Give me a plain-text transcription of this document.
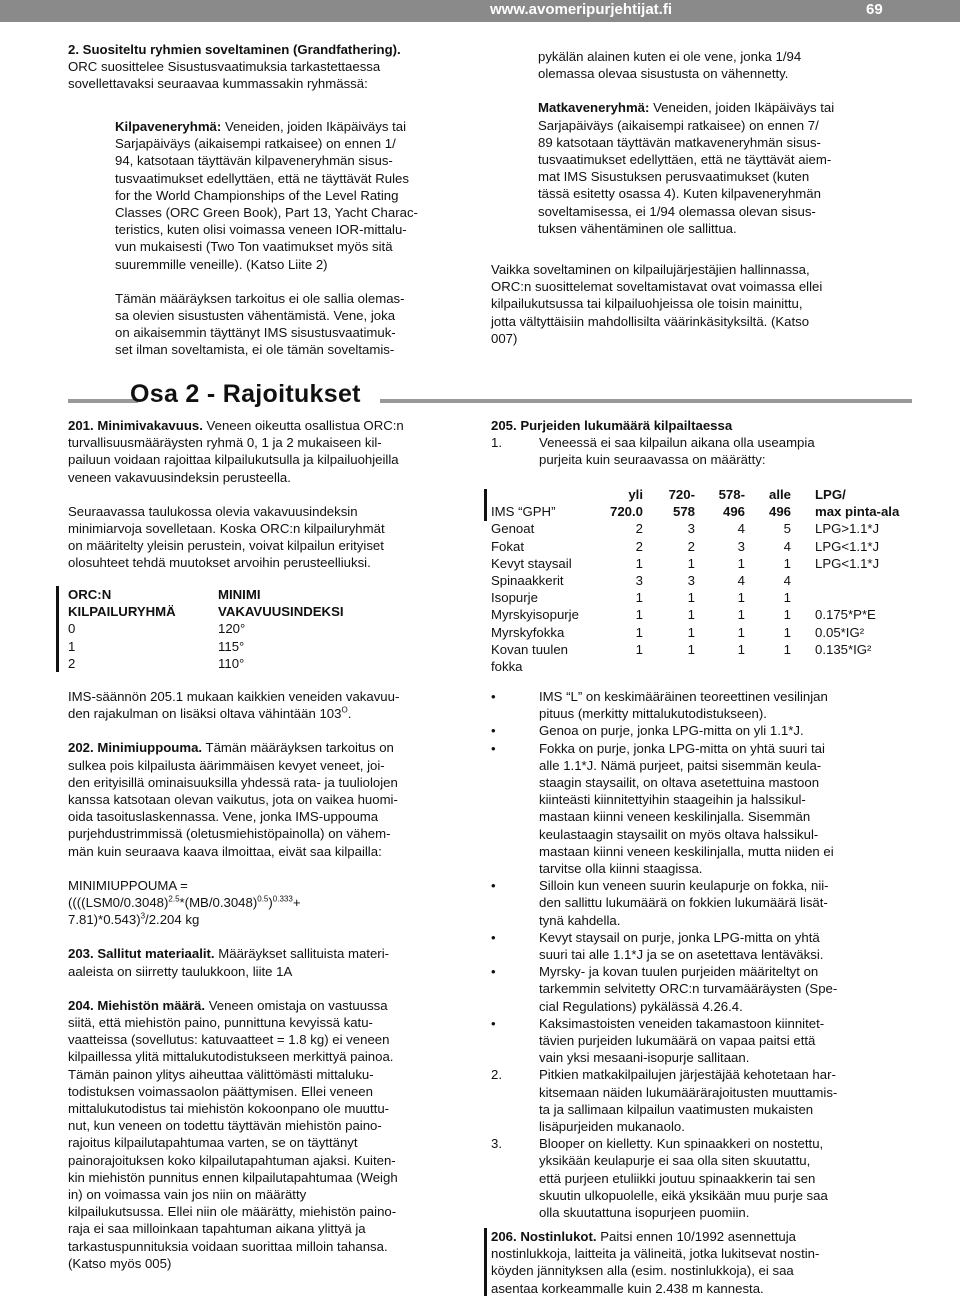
www.avomeripurjehtijat.fi	69

2. Suositeltu ryhmien soveltaminen (Grandfathering).

ORC suosittelee Sisustusvaatimuksia tarkastettaessa

sovellettavaksi seuraavaa kummassakin ryhmässä:

Kilpaveneryhmä: Veneiden, joiden Ikäpäiväys tai

Sarjapäiväys (aikaisempi ratkaisee) on ennen 1/

94, katsotaan täyttävän kilpaveneryhmän sisus-

tusvaatimukset edellyttäen, että ne täyttävät Rules

for the World Championships of the Level Rating

Classes (ORC Green Book), Part 13, Yacht Charac-

teristics, kuten olisi voimassa veneen IOR-mittalu-

vun mukaisesti (Two Ton vaatimukset myös sitä

suuremmille veneille). (Katso Liite 2)

Tämän määräyksen tarkoitus ei ole sallia olemas-

sa olevien sisustusten vähentämistä. Vene, joka

on aikaisemmin täyttänyt IMS sisustusvaatimuk-

set ilman soveltamista, ei ole tämän soveltamis-

pykälän alainen kuten ei ole vene, jonka 1/94

olemassa olevaa sisustusta on vähennetty.

Matkaveneryhmä: Veneiden, joiden Ikäpäiväys tai

Sarjapäiväys (aikaisempi ratkaisee) on ennen 7/

89 katsotaan täyttävän matkaveneryhmän sisus-

tusvaatimukset edellyttäen, että ne täyttävät aiem-

mat IMS Sisustuksen perusvaatimukset (kuten

tässä esitetty osassa 4). Kuten kilpaveneryhmän

soveltamisessa, ei 1/94 olemassa olevan sisus-

tuksen vähentäminen ole sallittua.

Vaikka soveltaminen on kilpailujärjestäjien hallinnassa,

ORC:n suosittelemat soveltamistavat ovat voimassa ellei

kilpailukutsussa tai kilpailuohjeissa ole toisin mainittu,

jotta vältyttäisiin mahdollisilta väärinkäsityksiltä. (Katso

007)

Osa 2 - Rajoitukset

201. Minimivakavuus. Veneen oikeutta osallistua ORC:n

turvallisuusmääräysten ryhmä 0, 1 ja 2 mukaiseen kil-

pailuun voidaan rajoittaa kilpailukutsulla ja kilpailuohjeilla

veneen vakavuusindeksin perusteella.

Seuraavassa taulukossa olevia vakavuusindeksin

minimiarvoja sovelletaan. Koska ORC:n kilpailuryhmät

on määritelty yleisin perustein, voivat kilpailun erityiset

olosuhteet tehdä muutokset arvoihin perusteelliuksi.

ORC:N	MINIMI
KILPAILURYHMÄ	VAKAVUUSINDEKSI
0	120°
1	115°
2	110°

IMS-säännön 205.1 mukaan kaikkien veneiden vakavuu-

den rajakulman on lisäksi oltava vähintään $103^O$.

202. Minimiuppouma. Tämän määräyksen tarkoitus on

sulkea pois kilpailusta äärimmäisen kevyet veneet, joi-

den erityisillä ominaisuuksilla yhdessä rata- ja tuuliolojen

kanssa katsotaan olevan vaikutus, jota on vaikea huomi-

oida tasoituslaskennassa. Vene, jonka IMS-uppouma

purjehdustrimmissä (oletusmiehistöpainolla) on vähem-

män kuin seuraava kaava ilmoittaa, eivät saa kilpailla:

MINIMIUPPOUMA =

(($((LSM0/0.3048)^{2.5}*(MB/0.3048)^{0.5})^{0.333}+$

7.81)*0.543)$^3$/2.204 kg

203. Sallitut materiaalit. Määräykset sallituista materi-

aaleista on siirretty taulukkoon, liite 1A

204. Miehistön määrä. Veneen omistaja on vastuussa

siitä, että miehistön paino, punnittuna kevyissä katu-

vaatteissa (sovellutus: katuvaatteet = 1.8 kg) ei veneen

kilpaillessa ylitä mittalukutodistukseen merkittyä painoa.

Tämän painon ylitys aiheuttaa välittömästi mittaluku-

todistuksen voimassaolon päättymisen. Ellei veneen

mittalukutodistus tai miehistön kokoonpano ole muuttu-

nut, kun veneen on todettu täyttävän miehistön paino-

rajoitus kilpailutapahtumaa varten, se on täyttänyt

painorajoituksen koko kilpailutapahtuman ajaksi. Kuiten-

kin miehistön punnitus ennen kilpailutapahtumaa (Weigh

in) on voimassa vain jos niin on määrätty

kilpailukutsussa. Ellei niin ole määrätty, miehistön paino-

raja ei saa milloinkaan tapahtuman aikana ylittyä ja

tarkastuspunnituksia voidaan suorittaa milloin tahansa.

(Katso myös 005)

205. Purjeiden lukumäärä kilpailtaessa

1.	Veneessä ei saa kilpailun aikana olla useampia

purjeita kuin seuraavassa on määrätty:

	yli	720-	578-	alle	LPG/
IMS “GPH”	720.0	578	496	496	max pinta-ala
Genoat	2	3	4	5	LPG>1.1*J
Fokat	2	2	3	4	LPG<1.1*J
Kevyt staysail	1	1	1	1	LPG<1.1*J
Spinaakkerit	3	3	4	4	
Isopurje	1	1	1	1	
Myrskyisopurje	1	1	1	1	0.175*P*E
Myrskyfokka	1	1	1	1	0.05*IG²
Kovan tuulen	1	1	1	1	0.135*IG²
fokka					
•	IMS “L” on keskimääräinen teoreettinen vesilinjan

pituus (merkitty mittalukutodistukseen).

•	Genoa on purje, jonka LPG-mitta on yli 1.1*J.

•	Fokka on purje, jonka LPG-mitta on yhtä suuri tai

alle 1.1*J. Nämä purjeet, paitsi sisemmän keula-

staagin staysailit, on oltava asetettuina mastoon

kiinteästi kiinnitettyihin staageihin ja halssikul-

mastaan kiinni veneen keskilinjalla. Sisemmän

keulastaagin staysailit on myös oltava halssikul-

mastaan kiinni veneen keskilinjalla, mutta niiden ei

tarvitse olla kiinni staagissa.

•	Silloin kun veneen suurin keulapurje on fokka, nii-

den sallittu lukumäärä on fokkien lukumäärä lisät-

tynä kahdella.

•	Kevyt staysail on purje, jonka LPG-mitta on yhtä

suuri tai alle 1.1*J ja se on asetettava lentäväksi.

•	Myrsky- ja kovan tuulen purjeiden määriteltyt on

tarkemmin selvitetty ORC:n turvamääräysten (Spe-

cial Regulations) pykälässä 4.26.4.

•	Kaksimastoisten veneiden takamastoon kiinnitet-

tävien purjeiden lukumäärä on vapaa paitsi että

vain yksi mesaani-isopurje sallitaan.

2.	Pitkien matkakilpailujen järjestäjää kehotetaan har-

kitsemaan näiden lukumäärärajoitusten muuttamis-

ta ja sallimaan kilpailun vaatimusten mukaisten

lisäpurjeiden mukanaolo.

3.	Blooper on kielletty. Kun spinaakkeri on nostettu,

yksikään keulapurje ei saa olla siten skuutattu,

että purjeen etuliikki joutuu spinaakkerin tai sen

skuutin ulkopuolelle, eikä yksikään muu purje saa

olla skuutattuna isopurjeen puomiin.

206. Nostinlukot. Paitsi ennen 10/1992 asennettuja

nostinlukkoja, laitteita ja välineitä, jotka lukitsevat nostin-

köyden jännityksen alla (esim. nostinlukkoja), ei saa

asentaa korkeammalle kuin 2.438 m kannesta.
